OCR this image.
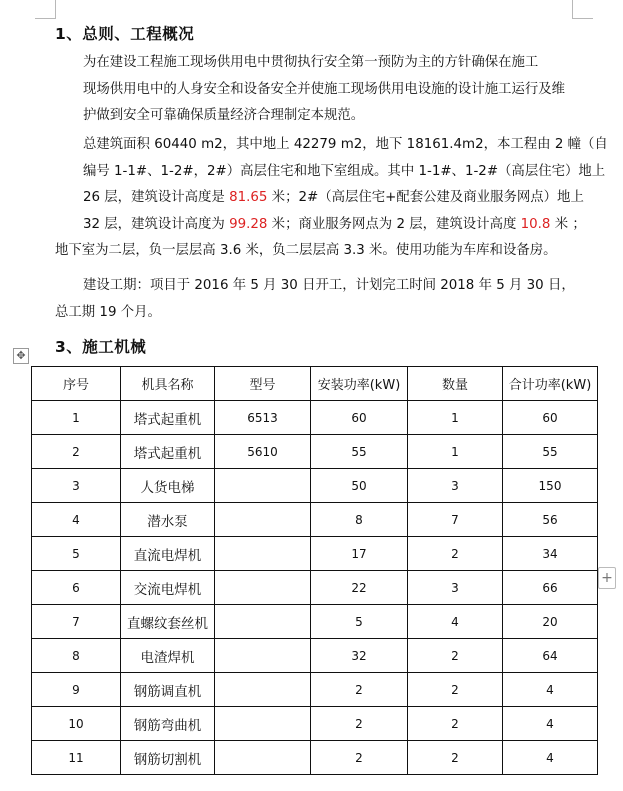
1、总则、工程概况
为在建设工程施工现场供用电中贯彻执行安全第一预防为主的方针确保在施工
现场供用电中的人身安全和设备安全并使施工现场供用电设施的设计施工运行及维
护做到安全可靠确保质量经济合理制定本规范。
总建筑面积 60440 m2，其中地上 42279 m2，地下 18161.4m2，本工程由 2 幢（自
编号 1-1#、1-2#，2#）高层住宅和地下室组成。其中 1-1#、1-2#（高层住宅）地上
26 层，建筑设计高度是 81.65 米；2#（高层住宅+配套公建及商业服务网点）地上
32 层，建筑设计高度为 99.28 米；商业服务网点为 2 层，建筑设计高度 10.8 米 ；
地下室为二层，负一层层高 3.6 米，负二层层高 3.3 米。使用功能为车库和设备房。
建设工期：项目于 2016 年 5 月 30 日开工，计划完工时间 2018 年 5 月 30 日，
总工期 19 个月。
3、施工机械
✥
序号	机具名称	型号	安装功率(kW)	数量	合计功率(kW)
1	塔式起重机	6513	60	1	60
2	塔式起重机	5610	55	1	55
3	人货电梯		50	3	150
4	潜水泵		8	7	56
5	直流电焊机		17	2	34
6	交流电焊机		22	3	66
7	直螺纹套丝机		5	4	20
8	电渣焊机		32	2	64
9	钢筋调直机		2	2	4
10	钢筋弯曲机		2	2	4
11	钢筋切割机		2	2	4
+
